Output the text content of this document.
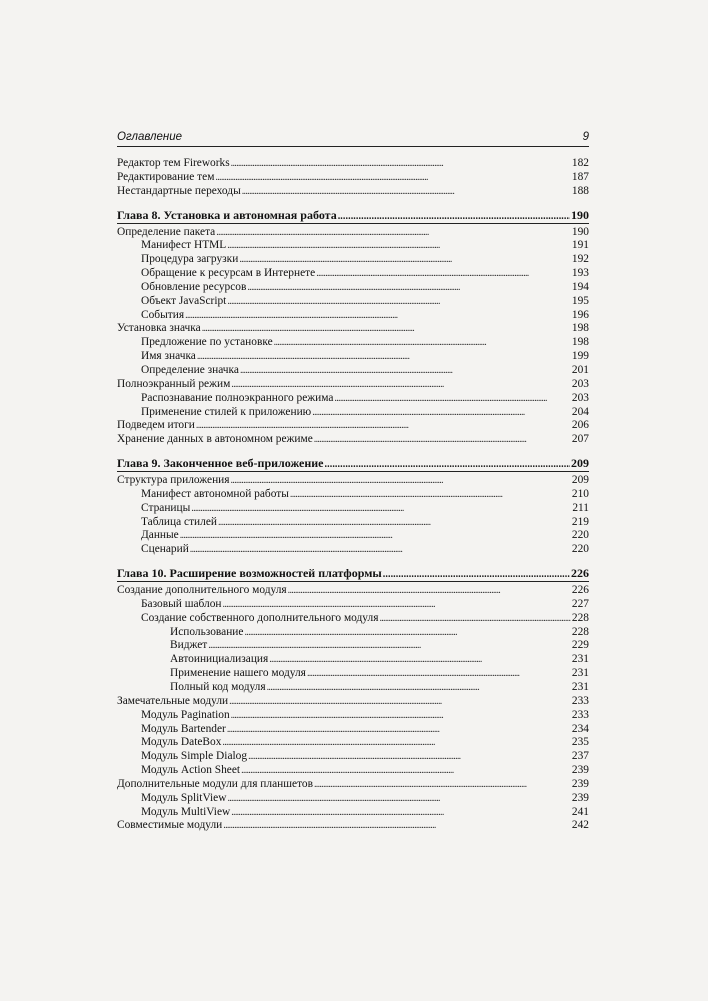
Оглавление	9
Редактор тем Fireworks . . .	182
Редактирование тем . . .	187
Нестандартные переходы . . .	188
Глава 8. Установка и автономная работа . . .	190
Определение пакета . . .	190
Манифест HTML . . .	191
Процедура загрузки . . .	192
Обращение к ресурсам в Интернете . . .	193
Обновление ресурсов . . .	194
Объект JavaScript . . .	195
События . . .	196
Установка значка . . .	198
Предложение по установке . . .	198
Имя значка . . .	199
Определение значка . . .	201
Полноэкранный режим . . .	203
Распознавание полноэкранного режима . . .	203
Применение стилей к приложению . . .	204
Подведем итоги . . .	206
Хранение данных в автономном режиме . . .	207
Глава 9. Законченное веб-приложение . . .	209
Структура приложения . . .	209
Манифест автономной работы . . .	210
Страницы . . .	211
Таблица стилей . . .	219
Данные . . .	220
Сценарий . . .	220
Глава 10. Расширение возможностей платформы . . .	226
Создание дополнительного модуля . . .	226
Базовый шаблон . . .	227
Создание собственного дополнительного модуля . . .	228
Использование . . .	228
Виджет . . .	229
Автоинициализация . . .	231
Применение нашего модуля . . .	231
Полный код модуля . . .	231
Замечательные модули . . .	233
Модуль Pagination . . .	233
Модуль Bartender . . .	234
Модуль DateBox . . .	235
Модуль Simple Dialog . . .	237
Модуль Action Sheet . . .	239
Дополнительные модули для планшетов . . .	239
Модуль SplitView . . .	239
Модуль MultiView . . .	241
Совместимые модули . . .	242
